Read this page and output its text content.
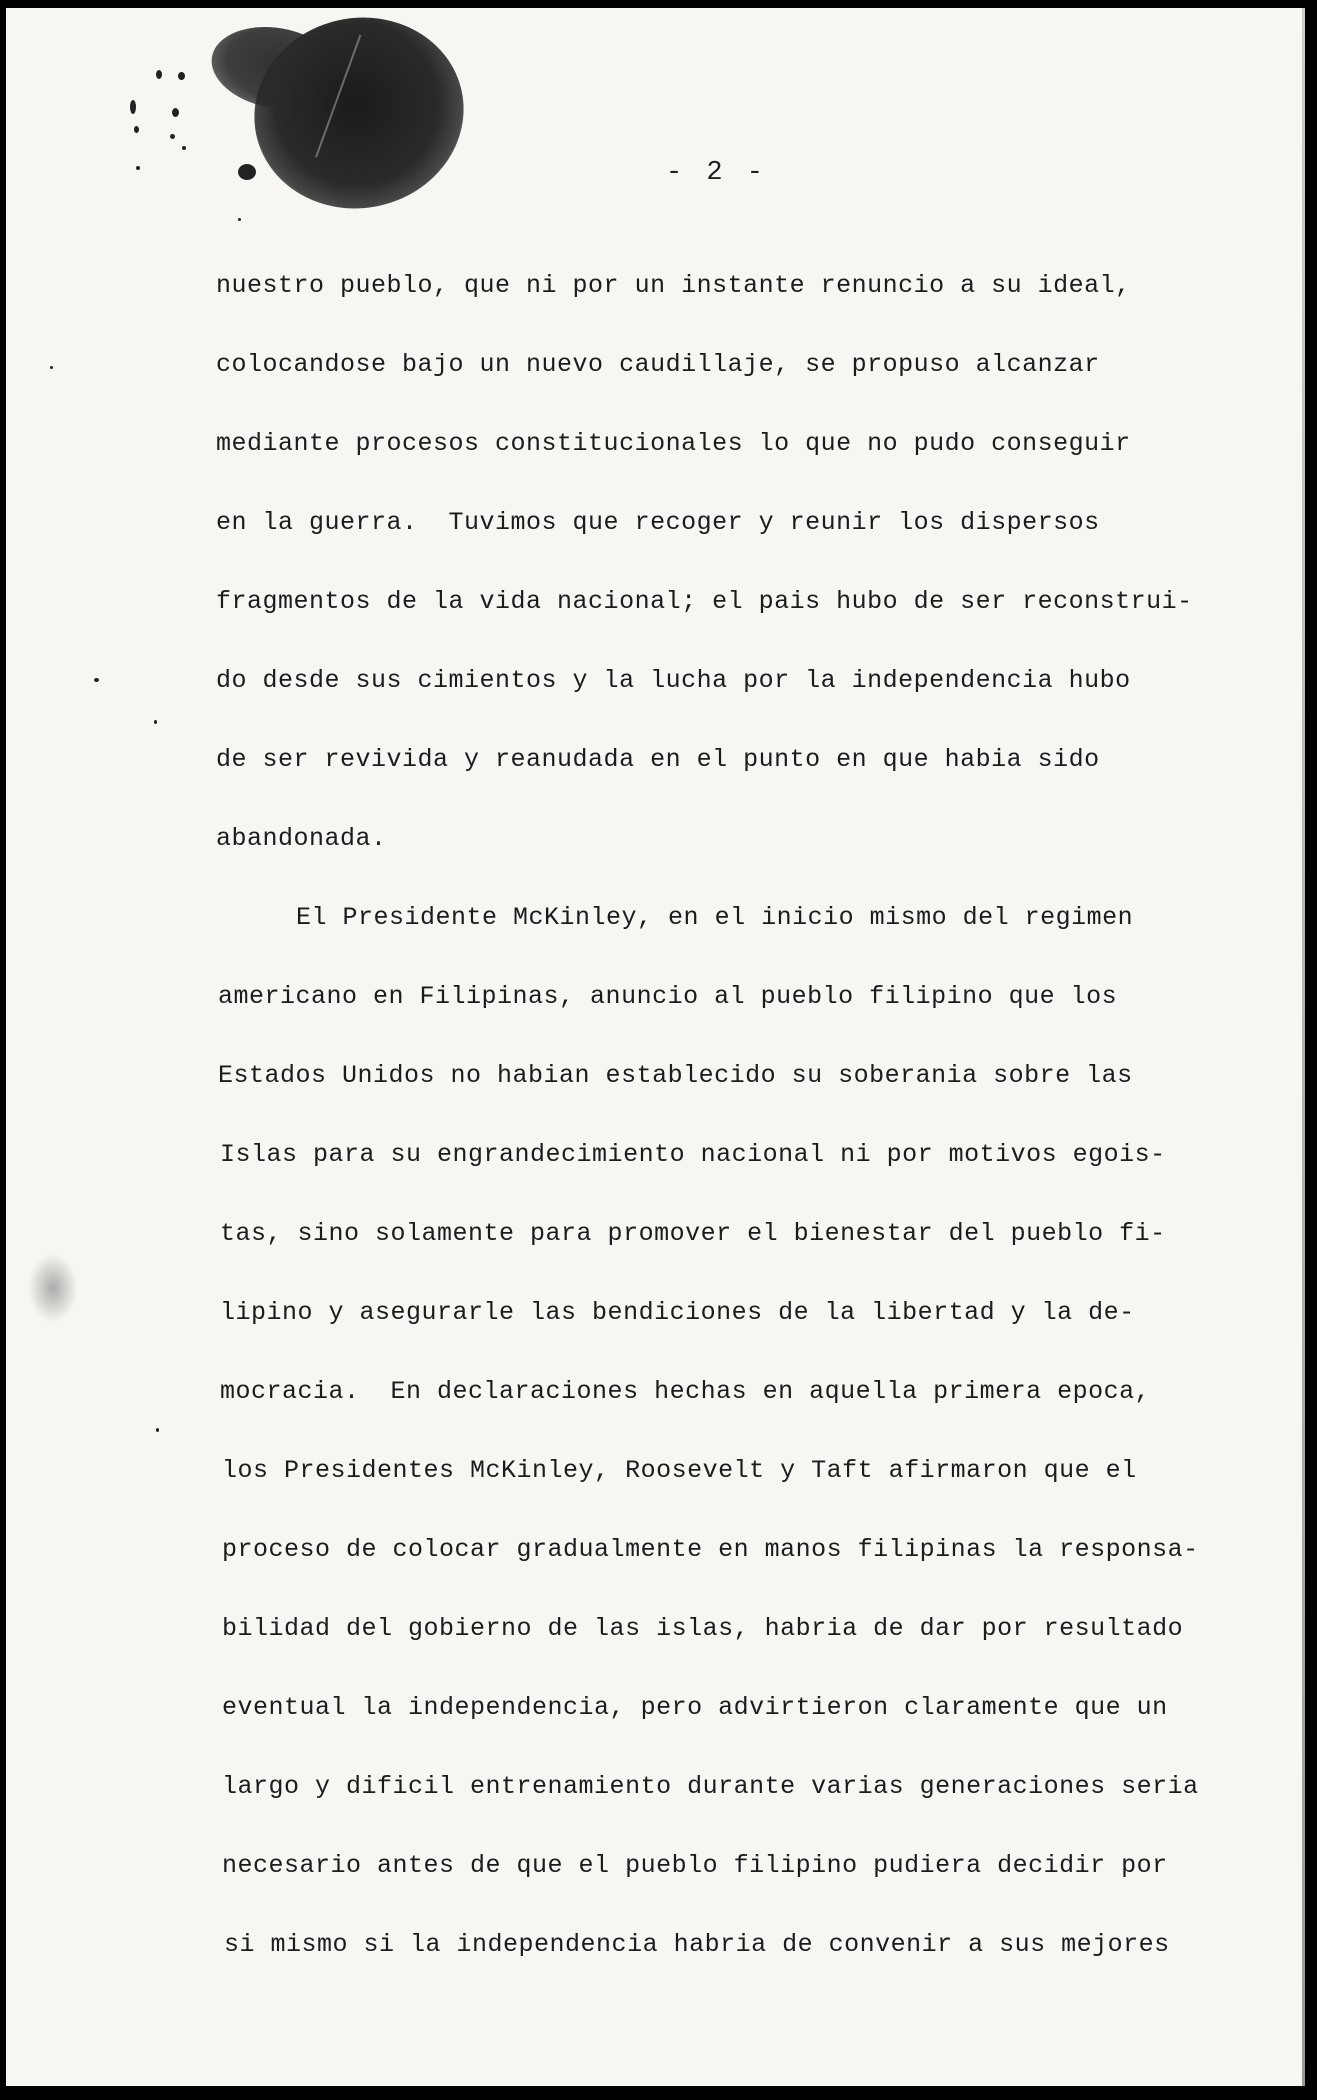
- 2 -
nuestro pueblo, que ni por un instante renuncio a su ideal,
colocandose bajo un nuevo caudillaje, se propuso alcanzar
mediante procesos constitucionales lo que no pudo conseguir
en la guerra.  Tuvimos que recoger y reunir los dispersos
fragmentos de la vida nacional; el pais hubo de ser reconstrui-
do desde sus cimientos y la lucha por la independencia hubo
de ser revivida y reanudada en el punto en que habia sido
abandonada.
El Presidente McKinley, en el inicio mismo del regimen
americano en Filipinas, anuncio al pueblo filipino que los
Estados Unidos no habian establecido su soberania sobre las
Islas para su engrandecimiento nacional ni por motivos egois-
tas, sino solamente para promover el bienestar del pueblo fi-
lipino y asegurarle las bendiciones de la libertad y la de-
mocracia.  En declaraciones hechas en aquella primera epoca,
los Presidentes McKinley, Roosevelt y Taft afirmaron que el
proceso de colocar gradualmente en manos filipinas la responsa-
bilidad del gobierno de las islas, habria de dar por resultado
eventual la independencia, pero advirtieron claramente que un
largo y dificil entrenamiento durante varias generaciones seria
necesario antes de que el pueblo filipino pudiera decidir por
si mismo si la independencia habria de convenir a sus mejores
